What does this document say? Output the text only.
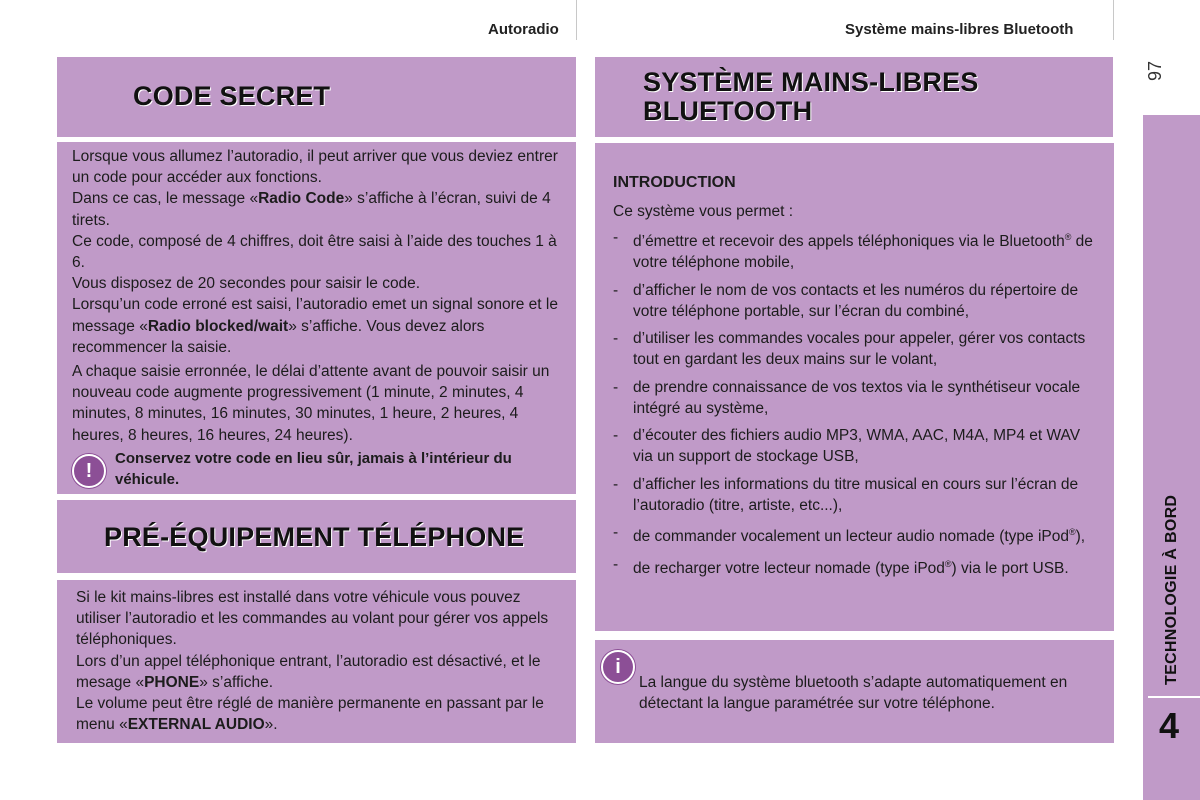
Autoradio	Système mains-libres Bluetooth
97
CODE SECRET

Lorsque vous allumez l’autoradio, il peut arriver que vous deviez entrer un code pour accéder aux fonctions.

Dans ce cas, le message «Radio Code» s’affiche à l’écran, suivi de 4 tirets.

Ce code, composé de 4 chiffres, doit être saisi à l’aide des touches 1 à 6.

Vous disposez de 20 secondes pour saisir le code.

Lorsqu’un code erroné est saisi, l’autoradio emet un signal sonore et le message «Radio blocked/wait» s’affiche. Vous devez alors recommencer la saisie.

A chaque saisie erronnée, le délai d’attente avant de pouvoir saisir un nouveau code augmente progressivement (1 minute, 2 minutes, 4 minutes, 8 minutes, 16 minutes, 30 minutes, 1 heure, 2 heures, 4 heures, 8 heures, 16 heures, 24 heures).

!
Conservez votre code en lieu sûr, jamais à l’intérieur du véhicule.
PRÉ-ÉQUIPEMENT TÉLÉPHONE

Si le kit mains-libres est installé dans votre véhicule vous pouvez utiliser l’autoradio et les commandes au volant pour gérer vos appels téléphoniques.

Lors d’un appel téléphonique entrant, l’autoradio est désactivé, et le mesage «PHONE» s’affiche.

Le volume peut être réglé de manière permanente en passant par le menu «EXTERNAL AUDIO».

SYSTÈME MAINS-LIBRES
BLUETOOTH
INTRODUCTION
Ce système vous permet :
- d’émettre et recevoir des appels téléphoniques via le Bluetooth® de votre téléphone mobile,
- d’afficher le nom de vos contacts et les numéros du répertoire de votre téléphone portable, sur l’écran du combiné,
- d’utiliser les commandes vocales pour appeler, gérer vos contacts tout en gardant les deux mains sur le volant,
- de prendre connaissance de vos textos via le synthétiseur vocale intégré au système,
- d’écouter des fichiers audio MP3, WMA, AAC, M4A, MP4 et WAV via un support de stockage USB,
- d’afficher les informations du titre musical en cours sur l’écran de l’autoradio (titre, artiste, etc...),
- de commander vocalement un lecteur audio nomade (type iPod®),
- de recharger votre lecteur nomade (type iPod®) via le port USB.
i
La langue du système bluetooth s’adapte automatiquement en détectant la langue paramétrée sur votre téléphone.
TECHNOLOGIE À BORD
4
